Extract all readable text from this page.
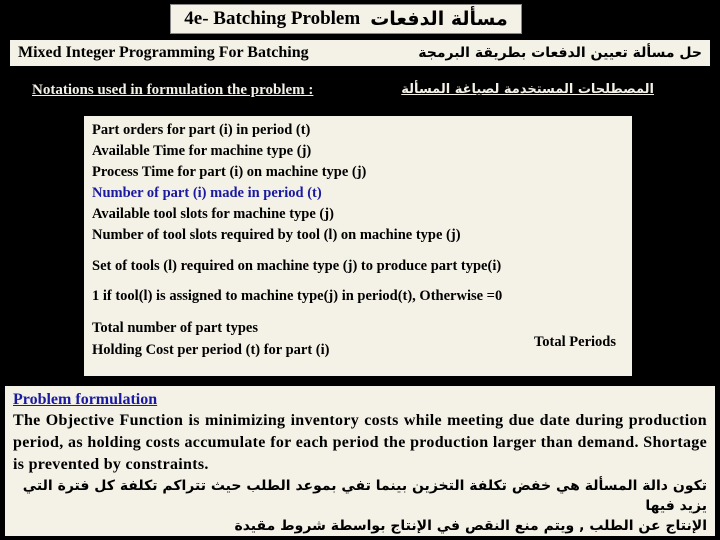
4e- Batching Problem مسألة الدفعات
Mixed Integer Programming For Batching	حل مسألة تعيين الدفعات بطريقة البرمجة
Notations used in formulation the problem :	المصطلحات المستخدمة لصياغة المسألة
Part orders for part (i) in period (t)
Available Time for machine type (j)
Process Time for part (i) on machine type (j)
Number of part (i) made in period (t)
Available tool slots for machine type (j)
Number of tool slots required by tool (l) on machine type (j)
Set of tools (l) required on machine type (j) to produce part type(i)
1 if tool(l) is assigned to machine type(j) in period(t), Otherwise =0
Total number of part types
Holding Cost per period (t) for part (i)	Total Periods
Problem formulation
The Objective Function is minimizing inventory costs while meeting due date during production period, as holding costs accumulate for each period the production larger than demand. Shortage is prevented by constraints.
تكون دالة المسألة هي خفض تكلفة التخزين بينما تفي بموعد الطلب حيث تتراكم تكلفة كل فترة التي يزيد فيها
الإنتاج عن الطلب , ويتم منع النقص في الإنتاج بواسطة شروط مقيدة
